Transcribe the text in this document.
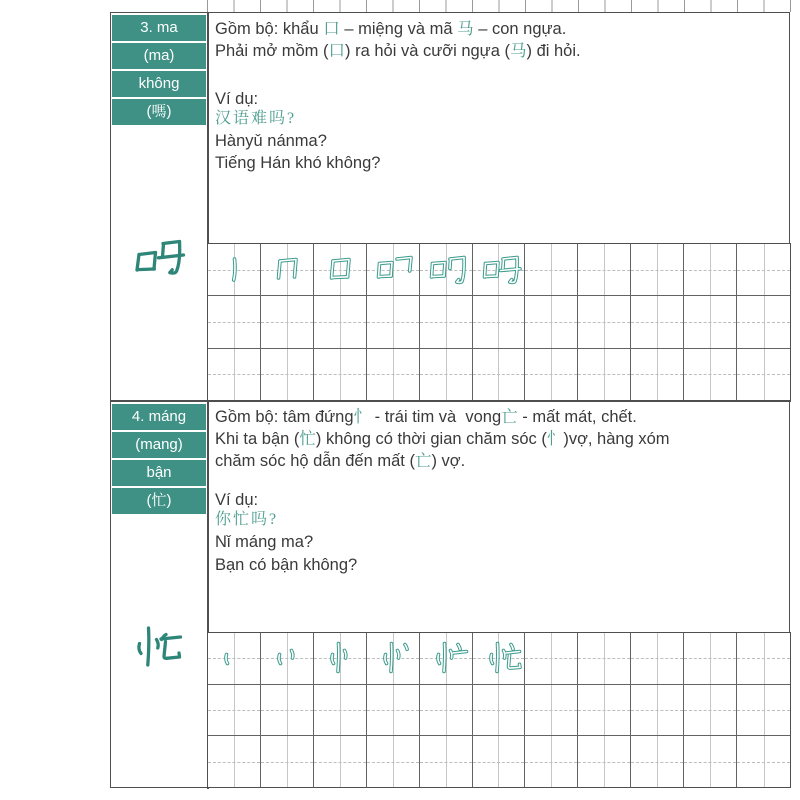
3. ma
(ma)
không
(嗎)
Gồm bộ: khẩu 口 – miệng và mã 马 – con ngựa.
Phải mở mồm (口) ra hỏi và cưỡi ngựa (马) đi hỏi.
Ví dụ:
汉语难吗?
Hànyǔ nánma?
Tiếng Hán khó không?
4. máng
(mang)
bận
(忙)
Gồm bộ: tâm đứng忄 - trái tim và  vong亡 - mất mát, chết.
Khi ta bận (忙) không có thời gian chăm sóc (忄)vợ, hàng xóm
chăm sóc hộ dẫn đến mất (亡) vợ.
Ví dụ:
你忙吗?
Nǐ máng ma?
Bạn có bận không?
